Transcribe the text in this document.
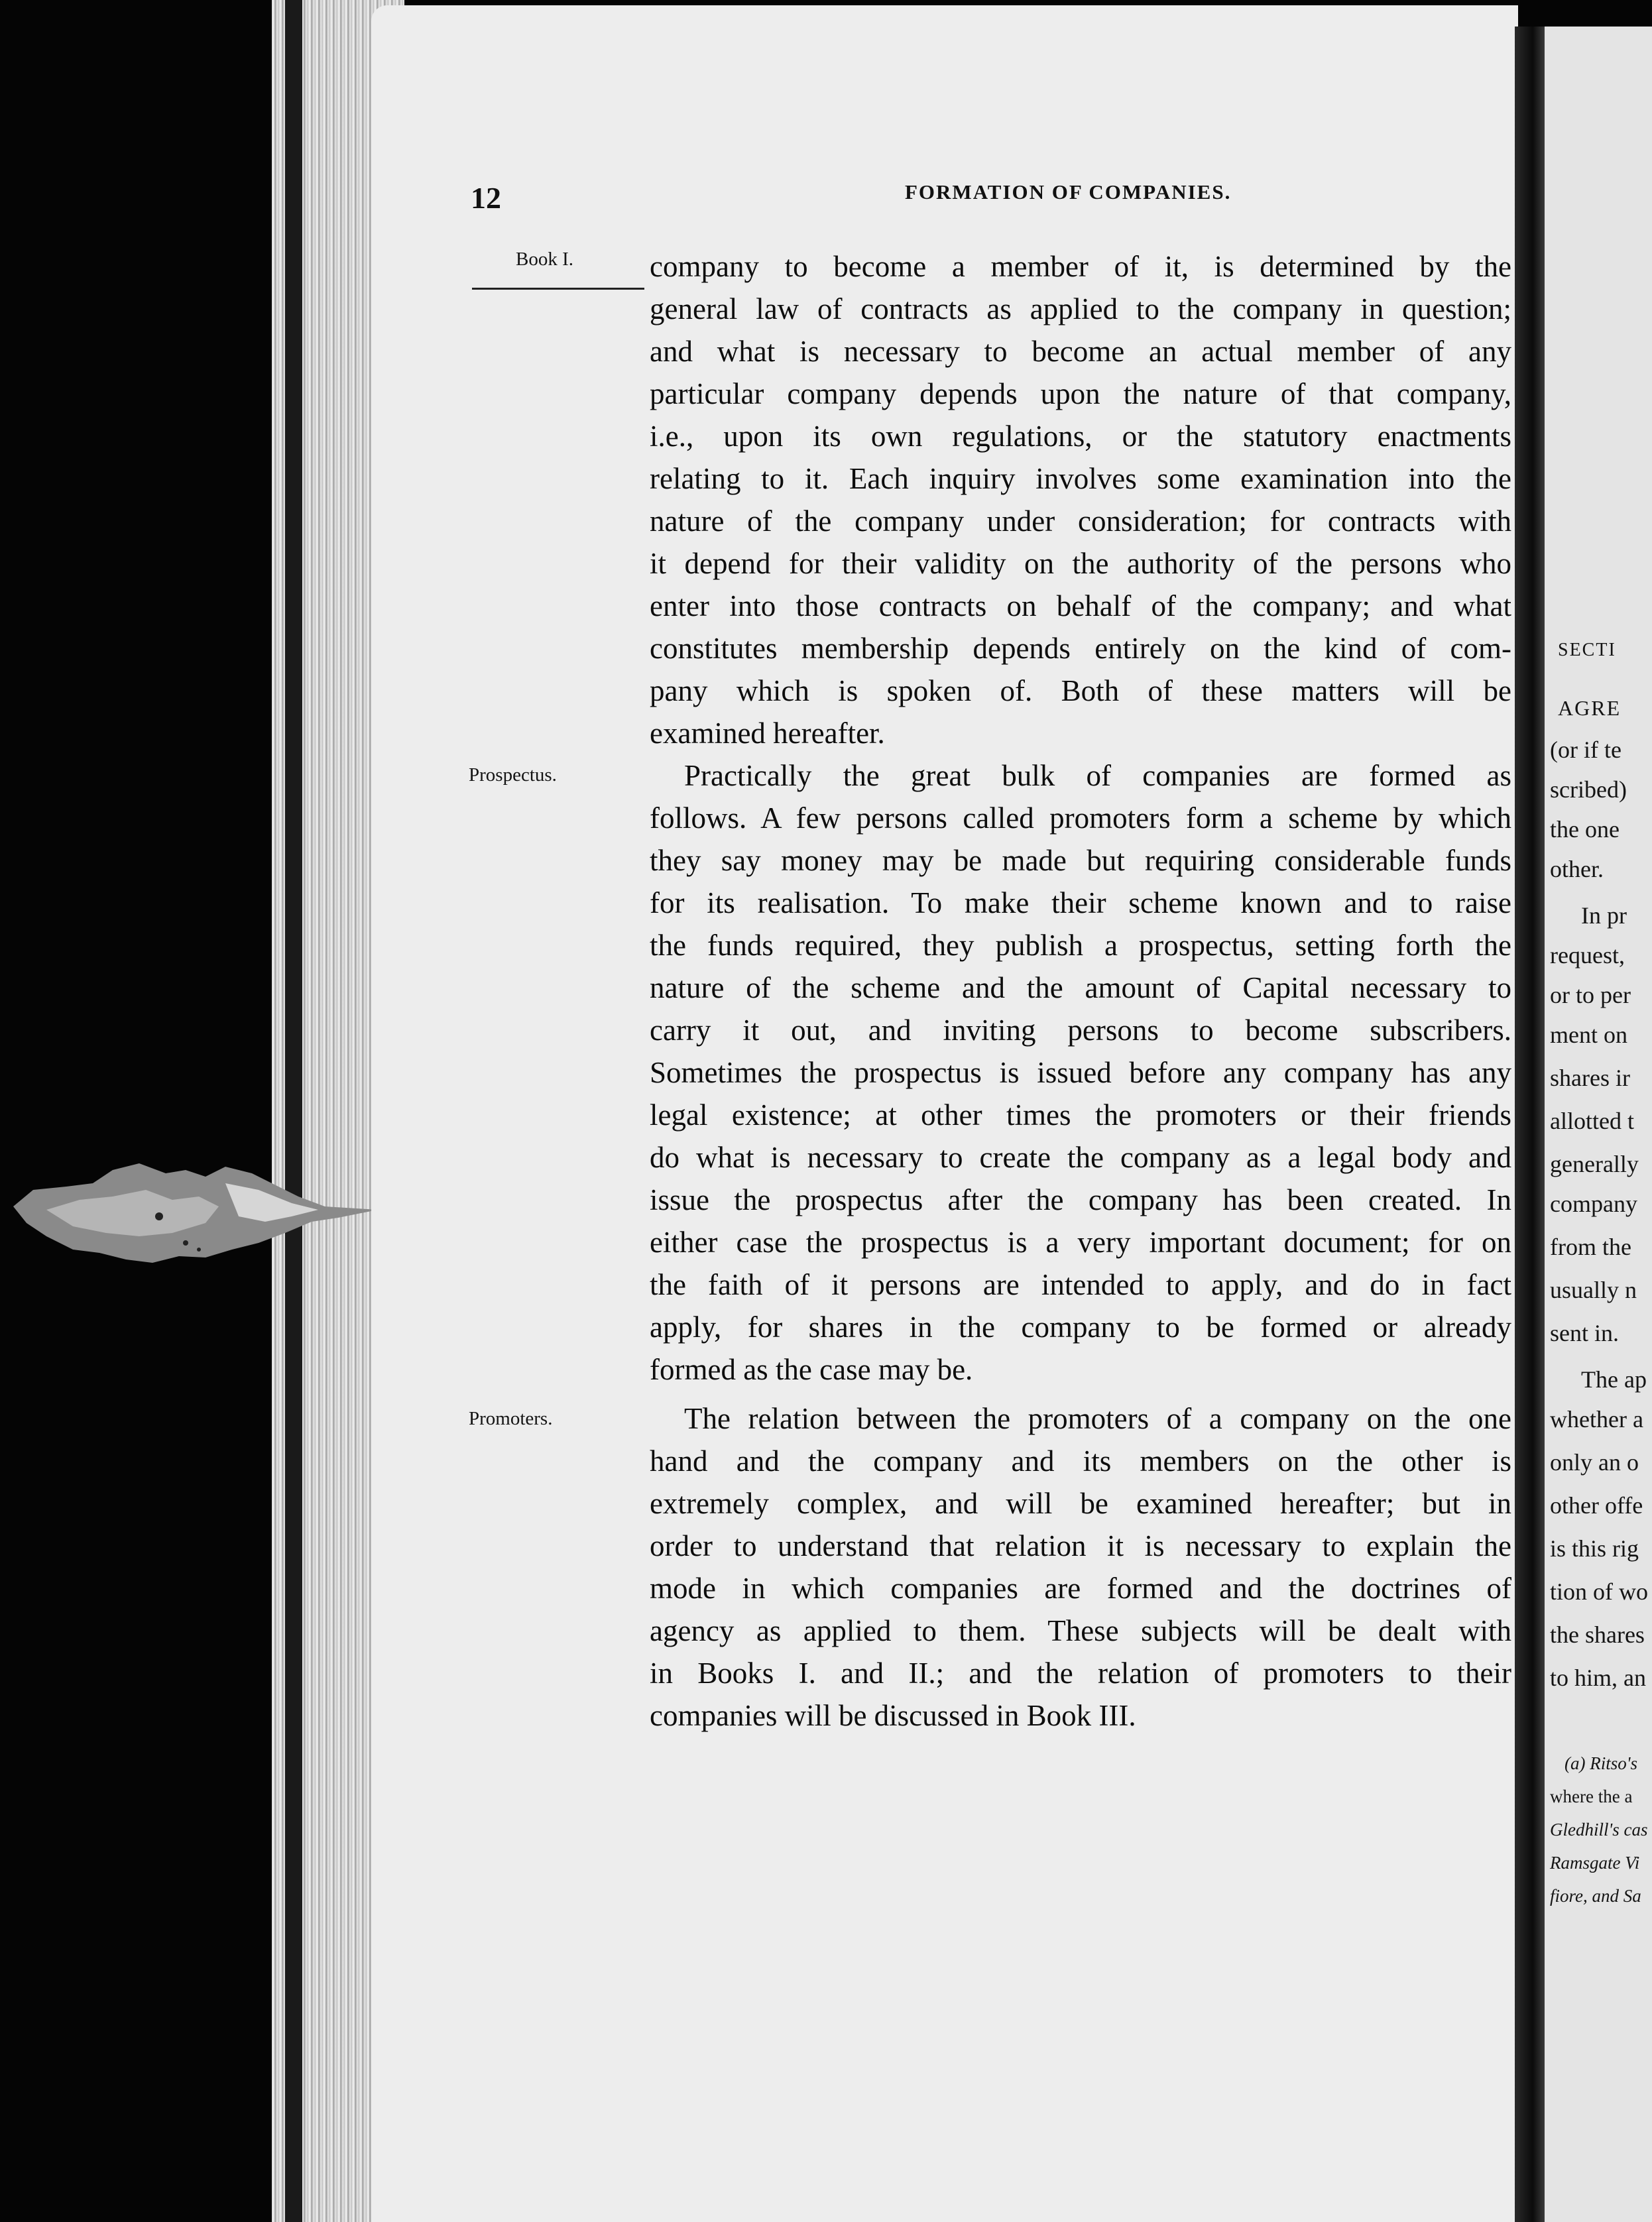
12	FORMATION OF COMPANIES.
Book I.
Prospectus.
Promoters.
company to become a member of it, is determined by the
general law of contracts as applied to the company in question;
and what is necessary to become an actual member of any
particular company depends upon the nature of that company,
i.e., upon its own regulations, or the statutory enactments
relating to it. Each inquiry involves some examination into the
nature of the company under consideration; for contracts with
it depend for their validity on the authority of the persons who
enter into those contracts on behalf of the company; and what
constitutes membership depends entirely on the kind of com-
pany which is spoken of. Both of these matters will be
examined hereafter.
Practically the great bulk of companies are formed as
follows. A few persons called promoters form a scheme by which
they say money may be made but requiring considerable funds
for its realisation. To make their scheme known and to raise
the funds required, they publish a prospectus, setting forth the
nature of the scheme and the amount of Capital necessary to
carry it out, and inviting persons to become subscribers.
Sometimes the prospectus is issued before any company has any
legal existence; at other times the promoters or their friends
do what is necessary to create the company as a legal body and
issue the prospectus after the company has been created. In
either case the prospectus is a very important document; for on
the faith of it persons are intended to apply, and do in fact
apply, for shares in the company to be formed or already
formed as the case may be.
The relation between the promoters of a company on the one
hand and the company and its members on the other is
extremely complex, and will be examined hereafter; but in
order to understand that relation it is necessary to explain the
mode in which companies are formed and the doctrines of
agency as applied to them. These subjects will be dealt with
in Books I. and II.; and the relation of promoters to their
companies will be discussed in Book III.
SECTI
AGRE
(or if te
scribed)
the one
other.
In pr
request,
or to per
ment on
shares ir
allotted t
generally
company
from the
usually n
sent in.
The ap
whether a
only an o
other offe
is this rig
tion of wo
the shares
to him, an
(a) Ritso's
where the a
Gledhill's cas
Ramsgate Vi
fiore, and Sa
